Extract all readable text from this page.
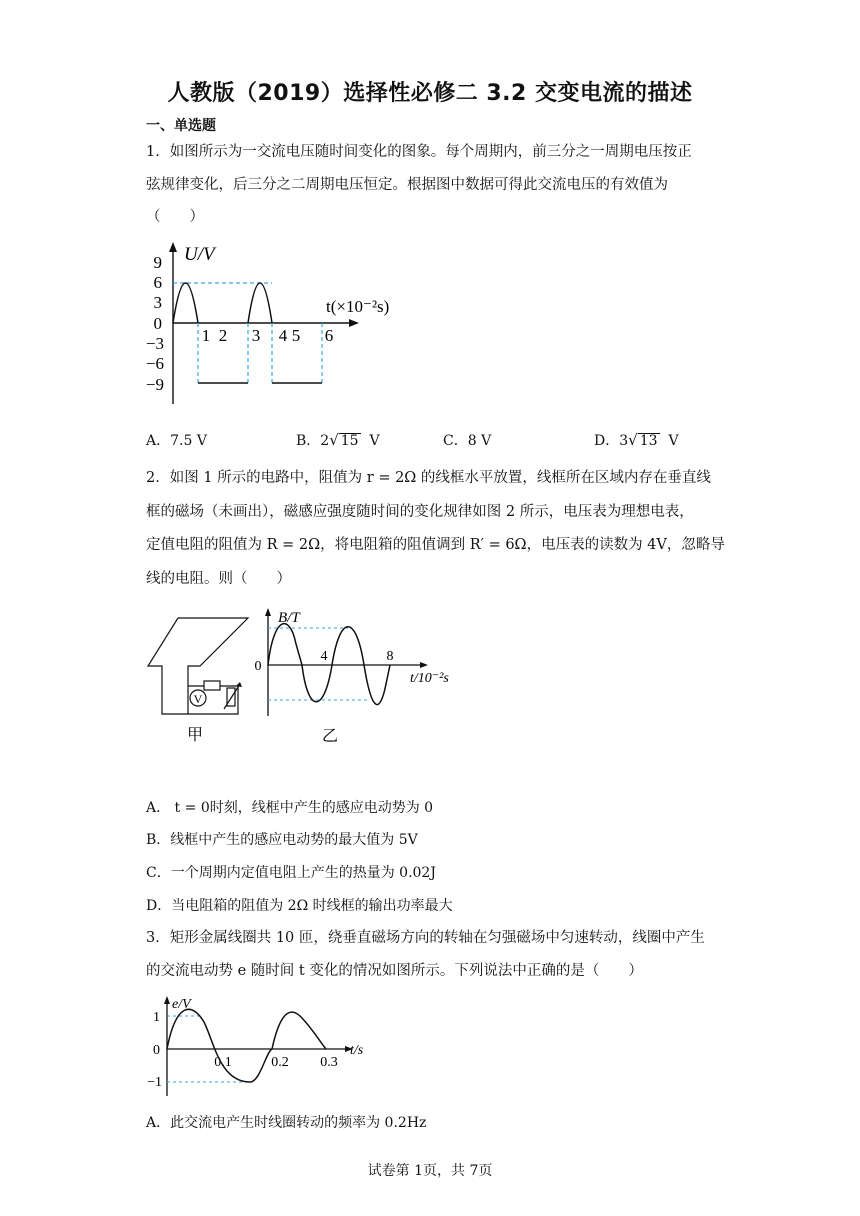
人教版（2019）选择性必修二 3.2 交变电流的描述
一、单选题
1．如图所示为一交流电压随时间变化的图象。每个周期内，前三分之一周期电压按正
弦规律变化，后三分之二周期电压恒定。根据图中数据可得此交流电压的有效值为
（　　）
U/V
t(×10⁻²s)
9
6
3
0
−3
−6
−9
1 2 3 4 5 6
A．7.5 V	B．2√ 15 V	C．8 V	D．3√ 13 V
2．如图 1 所示的电路中，阻值为 r = 2Ω 的线框水平放置，线框所在区域内存在垂直线
框的磁场（未画出），磁感应强度随时间的变化规律如图 2 所示，电压表为理想电表，
定值电阻的阻值为 R = 2Ω，将电阻箱的阻值调到 R′ = 6Ω，电压表的读数为 4V，忽略导
线的电阻。则（　　）
V
甲
B/T
0
4	8
t/10⁻²s
乙
A． t = 0时刻，线框中产生的感应电动势为 0
B．线框中产生的感应电动势的最大值为 5V
C．一个周期内定值电阻上产生的热量为 0.02J
D．当电阻箱的阻值为 2Ω 时线框的输出功率最大
3．矩形金属线圈共 10 匝，绕垂直磁场方向的转轴在匀强磁场中匀速转动，线圈中产生
的交流电动势 e 随时间 t 变化的情况如图所示。下列说法中正确的是（　　）
e/V
1
0
−1
0.1	0.2 0.3
t/s
A．此交流电产生时线圈转动的频率为 0.2Hz
试卷第 1页，共 7页
